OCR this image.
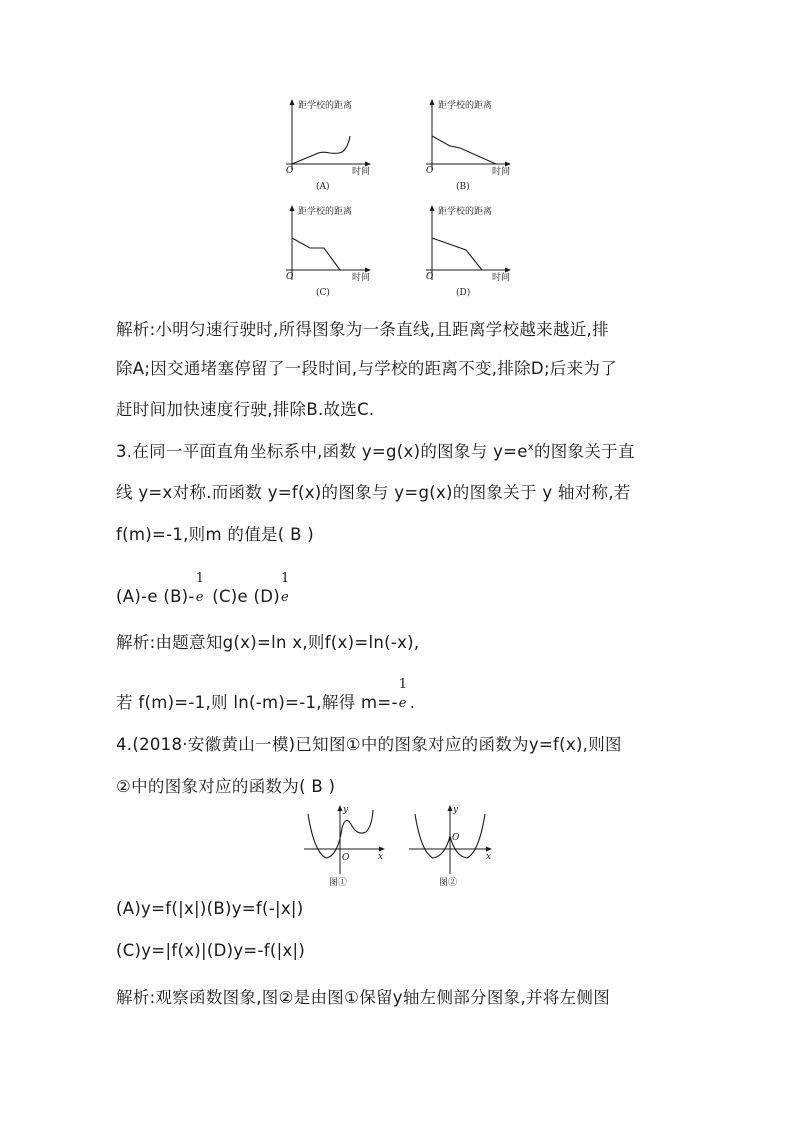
距学校的距离
时间
O
(A)
距学校的距离
时间
O
(B)
距学校的距离
时间
O
(C)
距学校的距离
时间
O
(D)
解析:小明匀速行驶时,所得图象为一条直线,且距离学校越来越近,排
除A;因交通堵塞停留了一段时间,与学校的距离不变,排除D;后来为了
赶时间加快速度行驶,排除B.故选C.
3.在同一平面直角坐标系中,函数 y=g(x)的图象与 $y=e^x$的图象关于直
线 y=x对称.而函数 y=f(x)的图象与 y=g(x)的图象关于 y 轴对称,若
f(m)=-1,则m 的值是( B )
(A)-e (B)-
1
e (C)e (D)
1
e
解析:由题意知g(x)=ln x,则f(x)=ln(-x),
若 f(m)=-1,则 ln(-m)=-1,解得 m=-
1
e .
4.(2018·安徽黄山一模)已知图①中的图象对应的函数为y=f(x),则图
②中的图象对应的函数为( B )
y
x
O
图①
y
x
O
图②
(A)y=f(|x|)(B)y=f(-|x|)
(C)y=|f(x)|(D)y=-f(|x|)
解析:观察函数图象,图②是由图①保留y轴左侧部分图象,并将左侧图
